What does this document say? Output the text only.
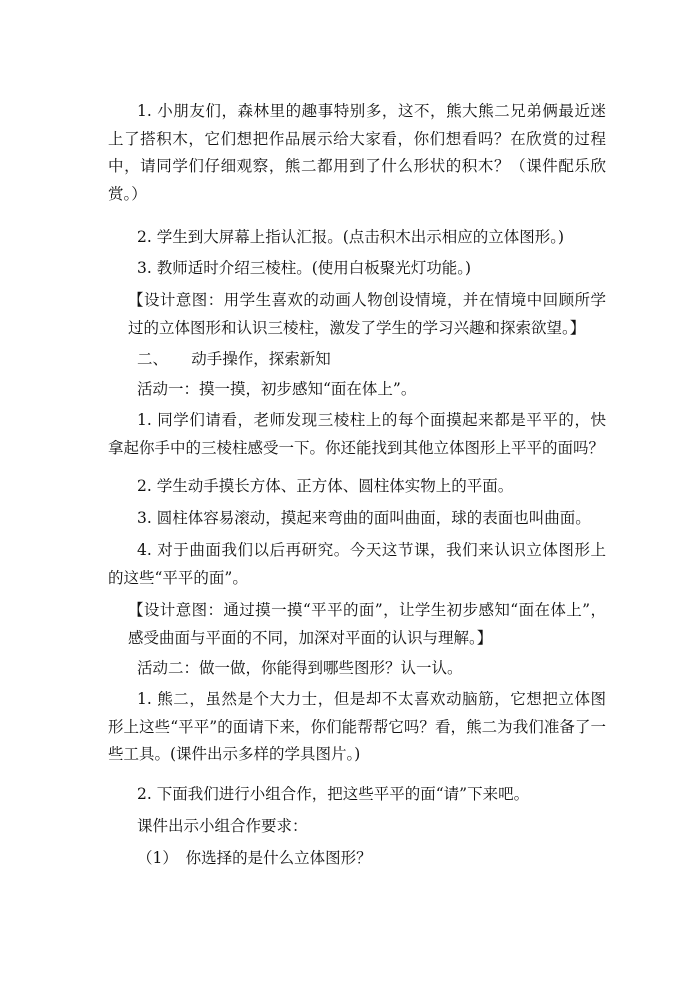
1. 小朋友们，森林里的趣事特别多，这不，熊大熊二兄弟俩最近迷上了搭积木，它们想把作品展示给大家看，你们想看吗？在欣赏的过程中，请同学们仔细观察，熊二都用到了什么形状的积木？（课件配乐欣赏。）
2. 学生到大屏幕上指认汇报。(点击积木出示相应的立体图形。)
3. 教师适时介绍三棱柱。(使用白板聚光灯功能。)
【设计意图：用学生喜欢的动画人物创设情境，并在情境中回顾所学过的立体图形和认识三棱柱，激发了学生的学习兴趣和探索欲望。】
二、　　动手操作，探索新知
活动一：摸一摸，初步感知“面在体上”。
1. 同学们请看，老师发现三棱柱上的每个面摸起来都是平平的，快拿起你手中的三棱柱感受一下。你还能找到其他立体图形上平平的面吗？
2. 学生动手摸长方体、正方体、圆柱体实物上的平面。
3. 圆柱体容易滚动，摸起来弯曲的面叫曲面，球的表面也叫曲面。
4. 对于曲面我们以后再研究。今天这节课，我们来认识立体图形上的这些“平平的面”。
【设计意图：通过摸一摸“平平的面”，让学生初步感知“面在体上”，感受曲面与平面的不同，加深对平面的认识与理解。】
活动二：做一做，你能得到哪些图形？认一认。
1. 熊二，虽然是个大力士，但是却不太喜欢动脑筋，它想把立体图形上这些“平平”的面请下来，你们能帮帮它吗？看，熊二为我们准备了一些工具。(课件出示多样的学具图片。)
2. 下面我们进行小组合作，把这些平平的面“请”下来吧。
课件出示小组合作要求：
（1）　你选择的是什么立体图形？
